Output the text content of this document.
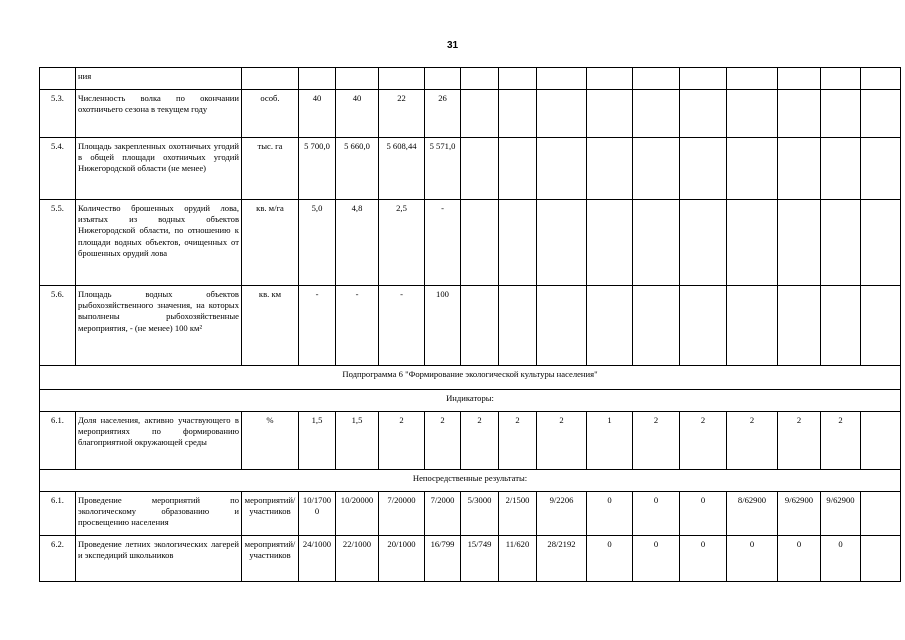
31
	ния															
5.3.	Численность волка по окончании охотничьего сезона в текущем году	особ.	40	40	22	26										
5.4.	Площадь закрепленных охотничьих угодий в общей площади охотничьих угодий Нижегородской области (не менее)	тыс. га	5 700,0	5 660,0	5 608,44	5 571,0										
5.5.	Количество брошенных орудий лова, изъятых из водных объектов Нижегородской области, по отношению к площади водных объектов, очищенных от брошенных орудий лова	кв. м/га	5,0	4,8	2,5	-										
5.6.	Площадь водных объектов рыбохозяйственного значения, на которых выполнены рыбохозяйственные мероприятия, - (не менее) 100 км²	кв. км	-	-	-	100										
Подпрограмма 6 "Формирование экологической культуры населения"																
Индикаторы:																
6.1.	Доля населения, активно участвующего в мероприятиях по формированию благоприятной окружающей среды	%	1,5	1,5	2	2	2	2	2	1	2	2	2	2	2	
Непосредственные результаты:																
6.1.	Проведение мероприятий по экологическому образованию и просвещению населения	мероприятий/участников	10/17000	10/20000	7/20000	7/2000	5/3000	2/1500	9/2206	0	0	0	8/62900	9/62900	9/62900	
6.2.	Проведение летних экологических лагерей и экспедиций школьников	мероприятий/участников	24/1000	22/1000	20/1000	16/799	15/749	11/620	28/2192	0	0	0	0	0	0	
